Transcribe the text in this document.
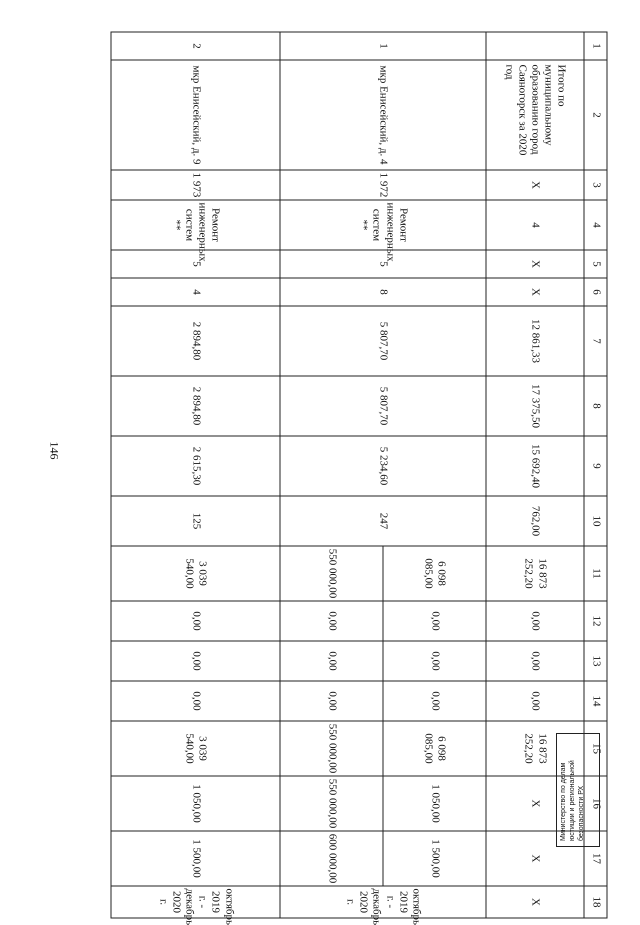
146
1	2	3	4	5	6	7	8	9	10	11	12	13	14	15	16	17	18
	Итого по муниципальному образованию город Саяногорск за 2020 год	X	4	X	X	12 861,33	17 375,50	15 692,40	762,00	16 873 252,20	0,00	0,00	0,00	16 873 252,20	X	X	X
1	мкр Енисейский, д. 4	1 972	Ремонт инженерных систем **	5	8	5 807,70	5 807,70	5 234,60	247	6 098 085,00	0,00	0,00	0,00	6 098 085,00	1 050,00	1 500,00	октябрь 2019 г. - декабрь 2020 г.
										550 000,00	0,00	0,00	0,00	550 000,00	550 000,00	600 000,00	
2	мкр Енисейский, д. 9	1 973	Ремонт инженерных систем **	5	4	2 894,80	2 894,80	2 615,30	125	3 039 540,00	0,00	0,00	0,00	3 039 540,00	1 050,00	1 500,00	октябрь 2019 г. - декабрь 2020 г.
Министерство по делам юстиции и региональной безопасности РХ
